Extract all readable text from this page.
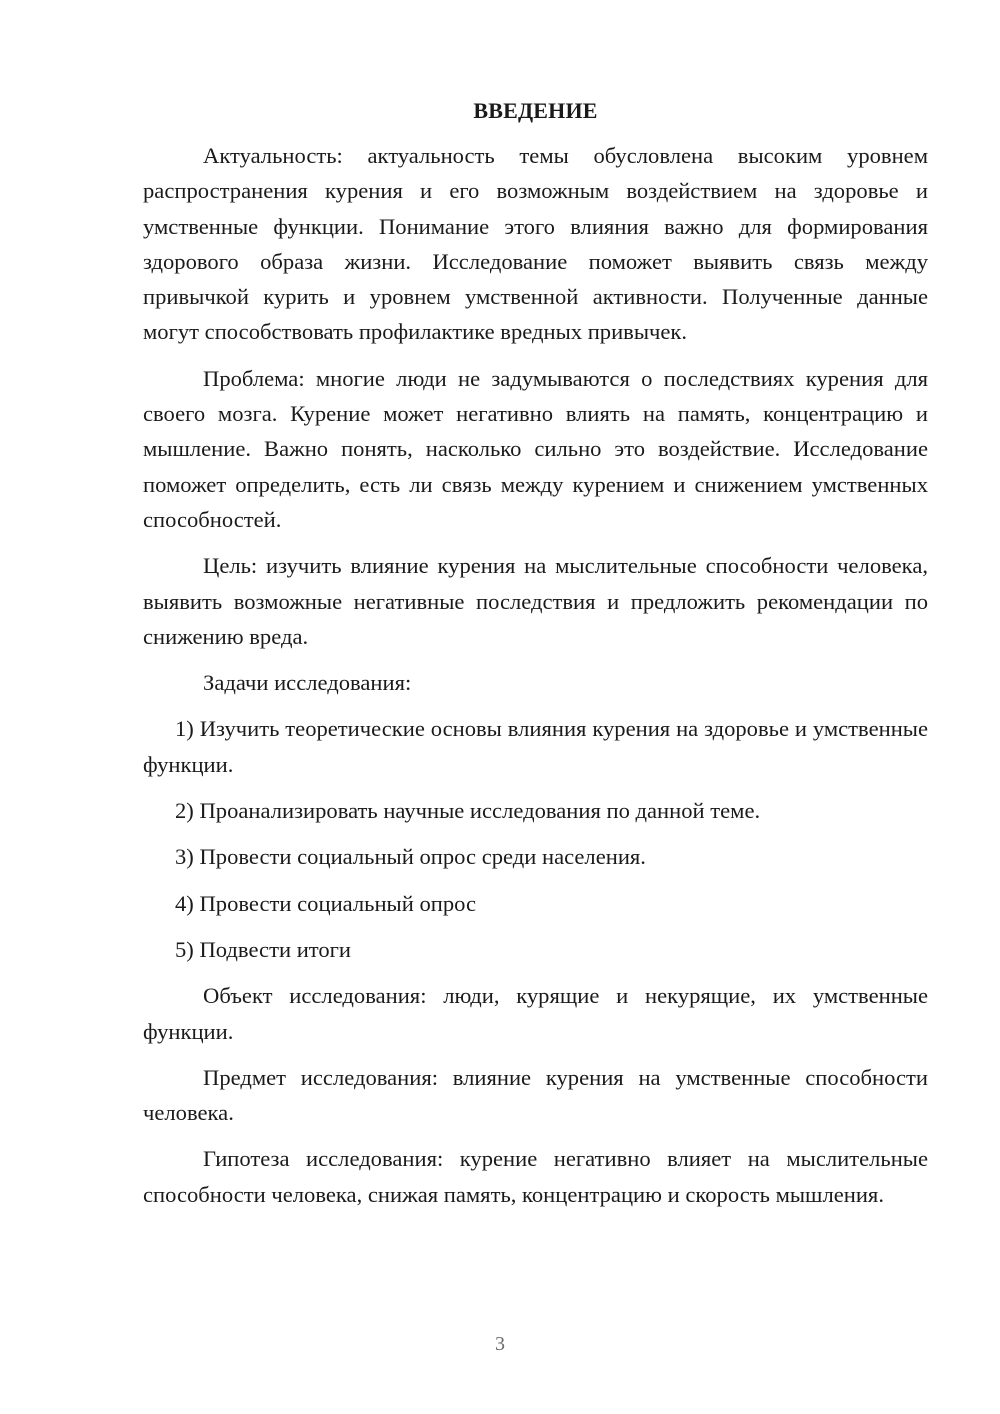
ВВЕДЕНИЕ

Актуальность: актуальность темы обусловлена высоким уровнем распространения курения и его возможным воздействием на здоровье и умственные функции. Понимание этого влияния важно для формирования здорового образа жизни. Исследование поможет выявить связь между привычкой курить и уровнем умственной активности. Полученные данные могут способствовать профилактике вредных привычек.

Проблема: многие люди не задумываются о последствиях курения для своего мозга. Курение может негативно влиять на память, концентрацию и мышление. Важно понять, насколько сильно это воздействие. Исследование поможет определить, есть ли связь между курением и снижением умственных способностей.

Цель: изучить влияние курения на мыслительные способности человека, выявить возможные негативные последствия и предложить рекомендации по снижению вреда.

Задачи исследования:

1) Изучить теоретические основы влияния курения на здоровье и умственные функции.

2) Проанализировать научные исследования по данной теме.

3) Провести социальный опрос среди населения.

4) Провести социальный опрос

5) Подвести итоги

Объект исследования: люди, курящие и некурящие, их умственные функции.

Предмет исследования: влияние курения на умственные способности человека.

Гипотеза исследования: курение негативно влияет на мыслительные способности человека, снижая память, концентрацию и скорость мышления.

3
